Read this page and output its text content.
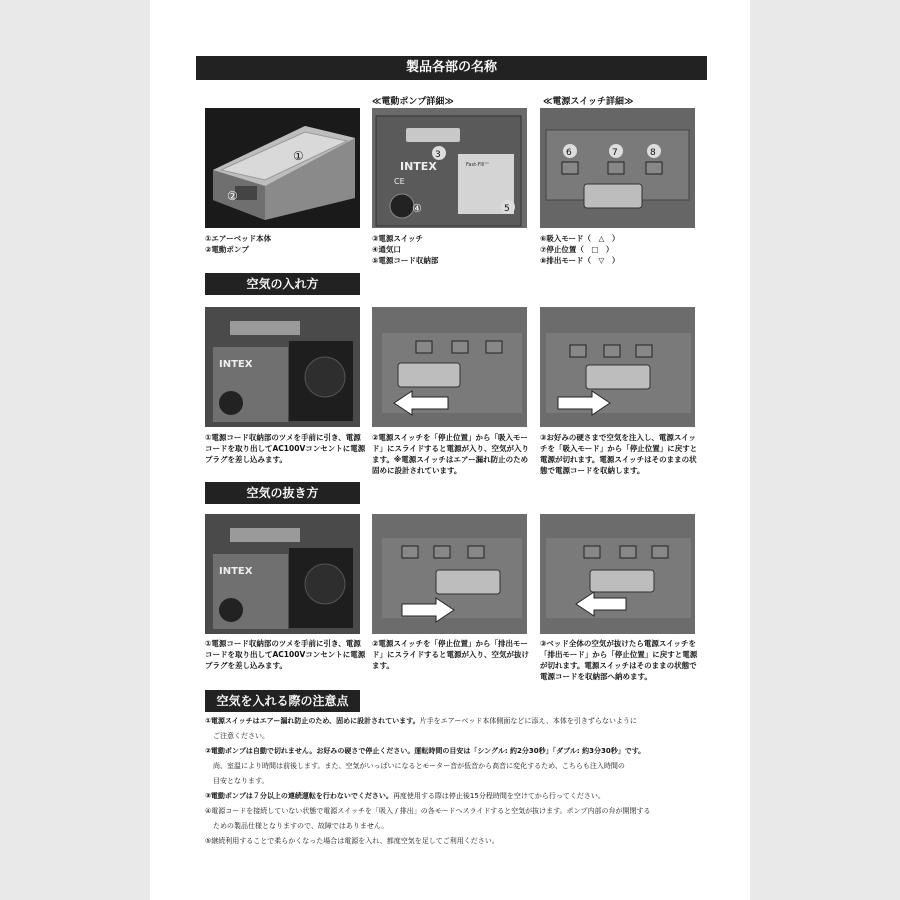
製品各部の名称
≪電動ポンプ詳細≫	≪電源スイッチ詳細≫
①
②
INTEX	Fast-Fill™
CE
④
3
5
6	7	8
①エアーベッド本体
②電動ポンプ
③電源スイッチ
④通気口
⑤電源コード収納部
⑥吸入モード（　△　）
⑦停止位置（　□　）
⑧排出モード（　▽　）
空気の入れ方
INTEX
①電源コード収納部のツメを手前に引き、電源コードを取り出してAC100Vコンセントに電源プラグを差し込みます。
②電源スイッチを「停止位置」から「吸入モード」にスライドすると電源が入り、空気が入ります。※電源スイッチはエアー漏れ防止のため固めに設計されています。
③お好みの硬さまで空気を注入し、電源スイッチを「吸入モード」から「停止位置」に戻すと電源が切れます。電源スイッチはそのままの状態で電源コードを収納します。
空気の抜き方
INTEX
①電源コード収納部のツメを手前に引き、電源コードを取り出してAC100Vコンセントに電源プラグを差し込みます。
②電源スイッチを「停止位置」から「排出モード」にスライドすると電源が入り、空気が抜けます。
③ベッド全体の空気が抜けたら電源スイッチを「排出モード」から「停止位置」に戻すと電源が切れます。電源スイッチはそのままの状態で電源コードを収納部へ納めます。
空気を入れる際の注意点
①電源スイッチはエアー漏れ防止のため、固めに設計されています。片手をエアーベッド本体側面などに添え、本体を引きずらないように
ご注意ください。
②電動ポンプは自動で切れません。お好みの硬さで停止ください。運転時間の目安は「シングル: 約2分30秒」「ダブル: 約3分30秒」です。
尚、室温により時間は前後します。また、空気がいっぱいになるとモーター音が低音から高音に変化するため、こちらも注入時間の
目安となります。
③電動ポンプは７分以上の連続運転を行わないでください。再度使用する際は停止後15分程時間を空けてから行ってください。
④電源コードを接続していない状態で電源スイッチを「吸入 / 排出」の各モードへスライドすると空気が抜けます。ポンプ内部の弁が開閉する
ための製品仕様となりますので、故障ではありません。
⑤継続利用することで柔らかくなった場合は電源を入れ、都度空気を足してご利用ください。
